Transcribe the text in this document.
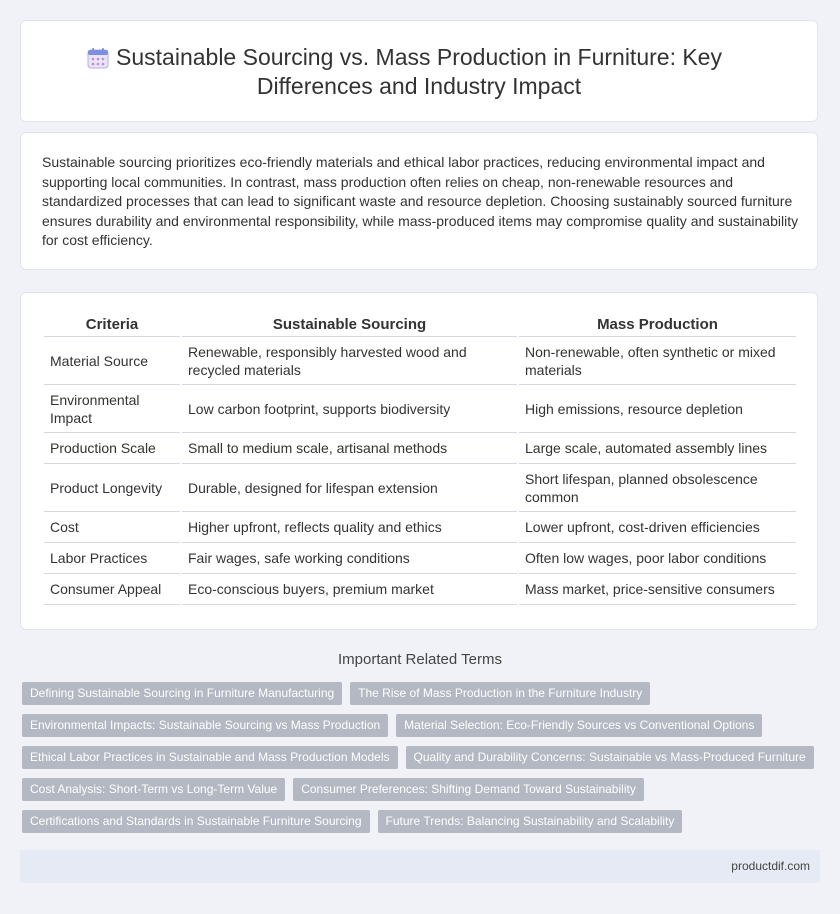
Sustainable Sourcing vs. Mass Production in Furniture: Key Differences and Industry Impact

Sustainable sourcing prioritizes eco-friendly materials and ethical labor practices, reducing environmental impact and supporting local communities. In contrast, mass production often relies on cheap, non-renewable resources and standardized processes that can lead to significant waste and resource depletion. Choosing sustainably sourced furniture ensures durability and environmental responsibility, while mass-produced items may compromise quality and sustainability for cost efficiency.

Criteria	Sustainable Sourcing	Mass Production
Material Source	Renewable, responsibly harvested wood and recycled materials	Non-renewable, often synthetic or mixed materials
Environmental Impact	Low carbon footprint, supports biodiversity	High emissions, resource depletion
Production Scale	Small to medium scale, artisanal methods	Large scale, automated assembly lines
Product Longevity	Durable, designed for lifespan extension	Short lifespan, planned obsolescence common
Cost	Higher upfront, reflects quality and ethics	Lower upfront, cost-driven efficiencies
Labor Practices	Fair wages, safe working conditions	Often low wages, poor labor conditions
Consumer Appeal	Eco-conscious buyers, premium market	Mass market, price-sensitive consumers
Important Related Terms
Defining Sustainable Sourcing in Furniture Manufacturing	The Rise of Mass Production in the Furniture Industry
Environmental Impacts: Sustainable Sourcing vs Mass Production	Material Selection: Eco-Friendly Sources vs Conventional Options
Ethical Labor Practices in Sustainable and Mass Production Models	Quality and Durability Concerns: Sustainable vs Mass-Produced Furniture
Cost Analysis: Short-Term vs Long-Term Value	Consumer Preferences: Shifting Demand Toward Sustainability
Certifications and Standards in Sustainable Furniture Sourcing	Future Trends: Balancing Sustainability and Scalability
productdif.com
